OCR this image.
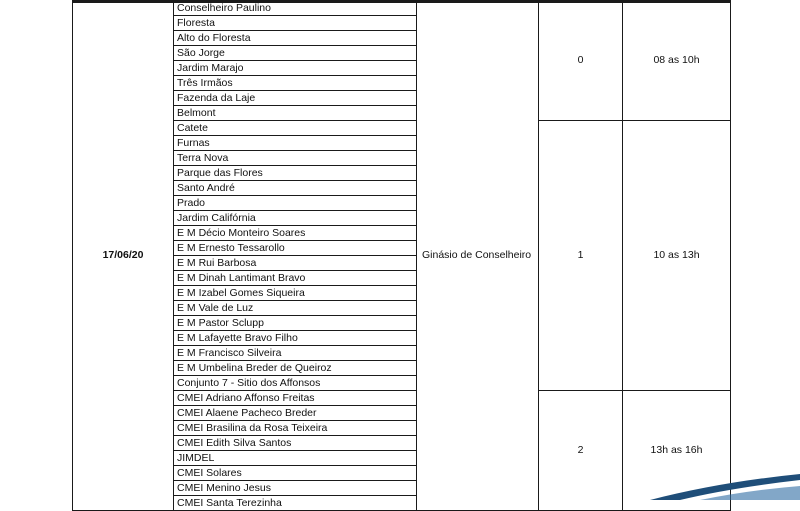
17/06/20	Conselheiro Paulino	Ginásio de Conselheiro	0	08 as 10h
	Floresta			
	Alto do Floresta			
	São Jorge			
	Jardim Marajo			
	Três Irmãos			
	Fazenda da Laje			
	Belmont			
	Catete		1	10 as 13h
	Furnas			
	Terra Nova			
	Parque das Flores			
	Santo André			
	Prado			
	Jardim Califórnia			
	E M Décio Monteiro Soares			
	E M Ernesto Tessarollo			
	E M Rui Barbosa			
	E M Dinah Lantimant Bravo			
	E M Izabel Gomes Siqueira			
	E M Vale de Luz			
	E M Pastor Sclupp			
	E M Lafayette Bravo Filho			
	E M Francisco Silveira			
	E M Umbelina Breder de Queiroz			
	Conjunto 7 - Sitio dos Affonsos			
	CMEI Adriano Affonso Freitas		2	13h as 16h
	CMEI Alaene Pacheco Breder			
	CMEI Brasilina da Rosa Teixeira			
	CMEI Edith Silva Santos			
	JIMDEL			
	CMEI Solares			
	CMEI Menino Jesus			
	CMEI Santa Terezinha			
